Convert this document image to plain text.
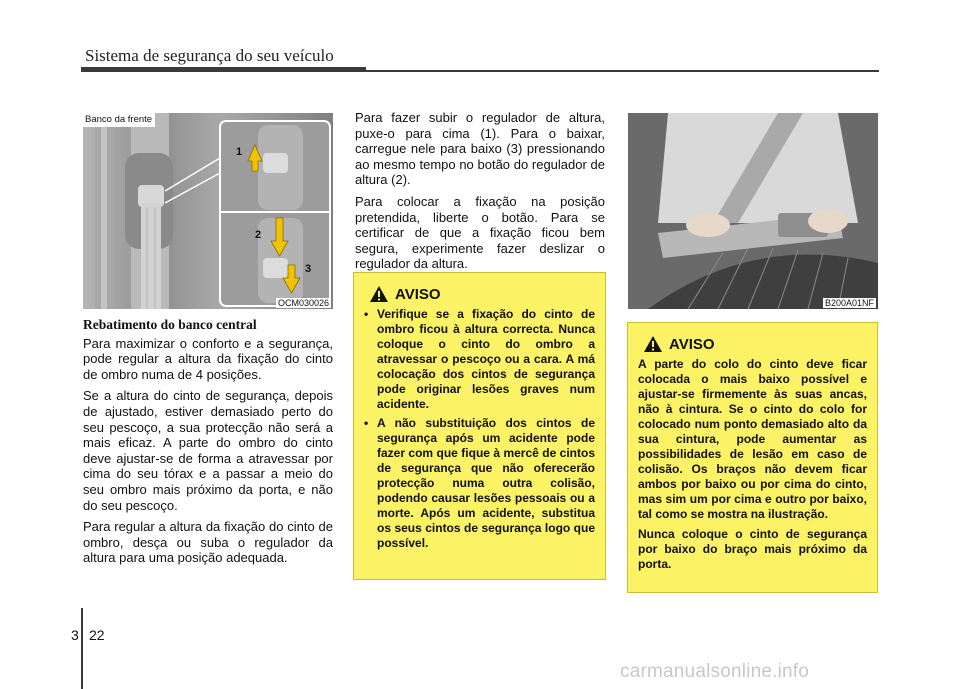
Sistema de segurança do seu veículo
Banco da frente
1
2
3
OCM030026
Rebatimento do banco central

Para maximizar o conforto e a segurança, pode regular a altura da fixação do cinto de ombro numa de 4 posições.

Se a altura do cinto de segurança, depois de ajustado, estiver demasiado perto do seu pescoço, a sua protecção não será a mais eficaz. A parte do ombro do cinto deve ajustar-se de forma a atravessar por cima do seu tórax e a passar a meio do seu ombro mais próximo da porta, e não do seu pescoço.

Para regular a altura da fixação do cinto de ombro, desça ou suba o regulador da altura para uma posição adequada.

Para fazer subir o regulador de altura, puxe-o para cima (1). Para o baixar, carregue nele para baixo (3) pressionando ao mesmo tempo no botão do regulador de altura (2).

Para colocar a fixação na posição pretendida, liberte o botão. Para se certificar de que a fixação ficou bem segura, experimente fazer deslizar o regulador da altura.

AVISO
• Verifique se a fixação do cinto de ombro ficou à altura correcta. Nunca coloque o cinto do ombro a atravessar o pescoço ou a cara. A má colocação dos cintos de segurança pode originar lesões graves num acidente.
• A não substituição dos cintos de segurança após um acidente pode fazer com que fique à mercê de cintos de segurança que não oferecerão protecção numa outra colisão, podendo causar lesões pessoais ou a morte. Após um acidente, substitua os seus cintos de segurança logo que possível.
B200A01NF
AVISO

A parte do colo do cinto deve ficar colocada o mais baixo possível e ajustar-se firmemente às suas ancas, não à cintura. Se o cinto do colo for colocado num ponto demasiado alto da sua cintura, pode aumentar as possibilidades de lesão em caso de colisão. Os braços não devem ficar ambos por baixo ou por cima do cinto, mas sim um por cima e outro por baixo, tal como se mostra na ilustração.

Nunca coloque o cinto de segurança por baixo do braço mais próximo da porta.

3 22
carmanualsonline.info
